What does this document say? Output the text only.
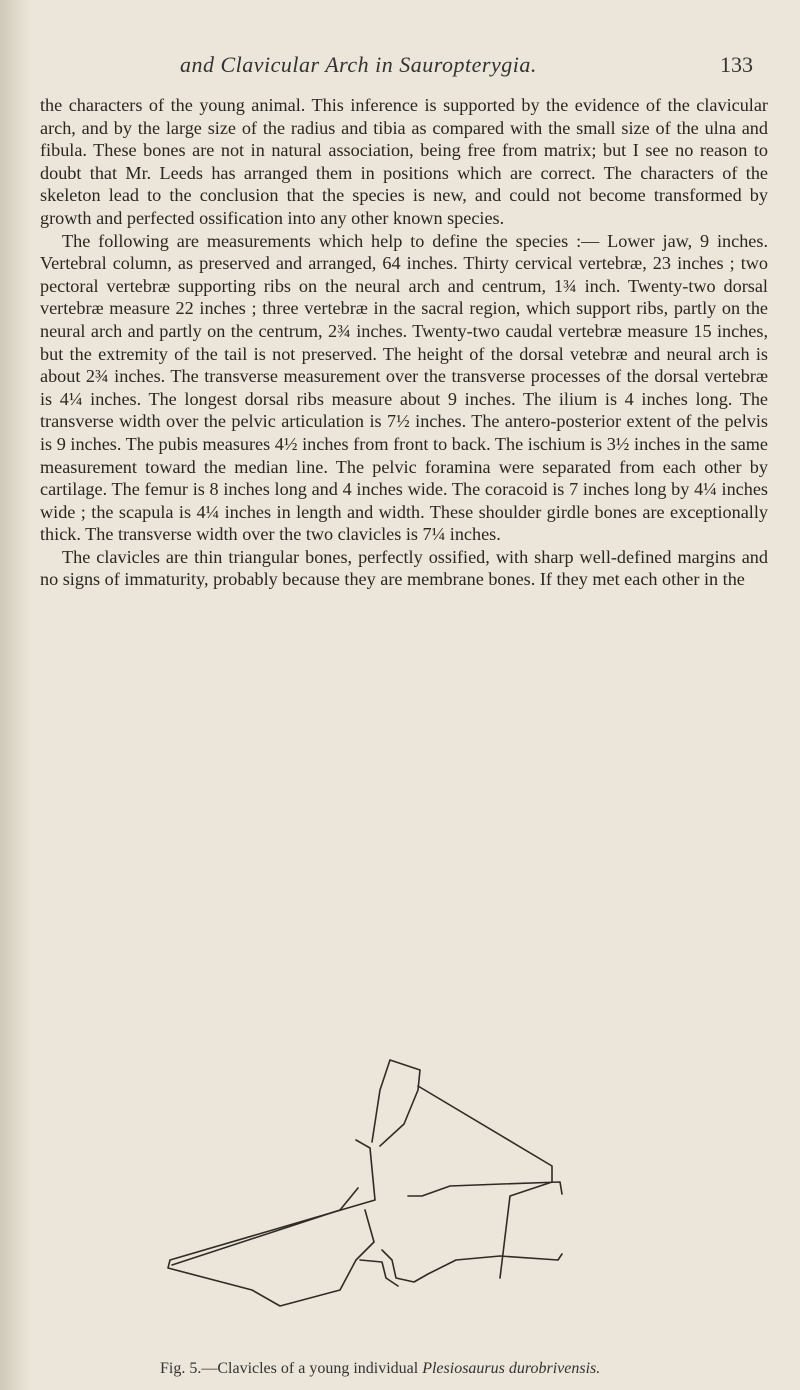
and Clavicular Arch in Sauropterygia.	133

the characters of the young animal. This inference is supported by the evidence of the clavicular arch, and by the large size of the radius and tibia as compared with the small size of the ulna and fibula. These bones are not in natural association, being free from matrix; but I see no reason to doubt that Mr. Leeds has arranged them in positions which are correct. The characters of the skeleton lead to the conclusion that the species is new, and could not become transformed by growth and perfected ossification into any other known species.

The following are measurements which help to define the species :— Lower jaw, 9 inches. Vertebral column, as preserved and arranged, 64 inches. Thirty cervical vertebræ, 23 inches ; two pectoral vertebræ supporting ribs on the neural arch and centrum, 1¾ inch. Twenty-two dorsal vertebræ measure 22 inches ; three vertebræ in the sacral region, which support ribs, partly on the neural arch and partly on the centrum, 2¾ inches. Twenty-two caudal vertebræ measure 15 inches, but the extremity of the tail is not preserved. The height of the dorsal vetebræ and neural arch is about 2¾ inches. The transverse measurement over the transverse processes of the dorsal vertebræ is 4¼ inches. The longest dorsal ribs measure about 9 inches. The ilium is 4 inches long. The transverse width over the pelvic articulation is 7½ inches. The antero-posterior extent of the pelvis is 9 inches. The pubis measures 4½ inches from front to back. The ischium is 3½ inches in the same measurement toward the median line. The pelvic foramina were separated from each other by cartilage. The femur is 8 inches long and 4 inches wide. The coracoid is 7 inches long by 4¼ inches wide ; the scapula is 4¼ inches in length and width. These shoulder girdle bones are exceptionally thick. The transverse width over the two clavicles is 7¼ inches.

The clavicles are thin triangular bones, perfectly ossified, with sharp well-defined margins and no signs of immaturity, probably because they are membrane bones. If they met each other in the

Fig. 5.—Clavicles of a young individual Plesiosaurus durobrivensis.
